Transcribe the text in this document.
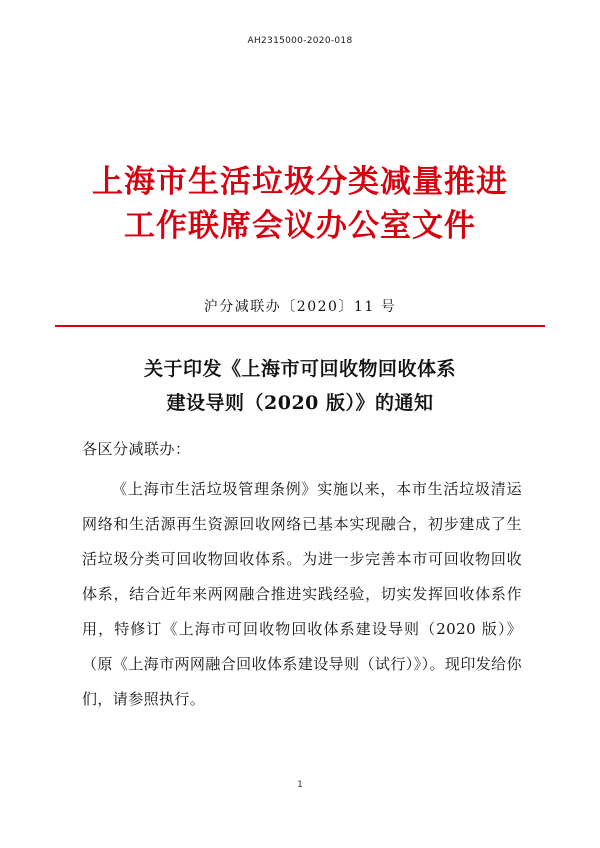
AH2315000-2020-018
上海市生活垃圾分类减量推进
工作联席会议办公室文件
沪分减联办〔2020〕11 号
关于印发《上海市可回收物回收体系
建设导则（2020 版）》的通知
各区分减联办：
《上海市生活垃圾管理条例》实施以来，本市生活垃圾清运网络和生活源再生资源回收网络已基本实现融合，初步建成了生活垃圾分类可回收物回收体系。为进一步完善本市可回收物回收体系，结合近年来两网融合推进实践经验，切实发挥回收体系作用，特修订《上海市可回收物回收体系建设导则（2020 版）》（原《上海市两网融合回收体系建设导则（试行）》）。现印发给你们，请参照执行。
1
